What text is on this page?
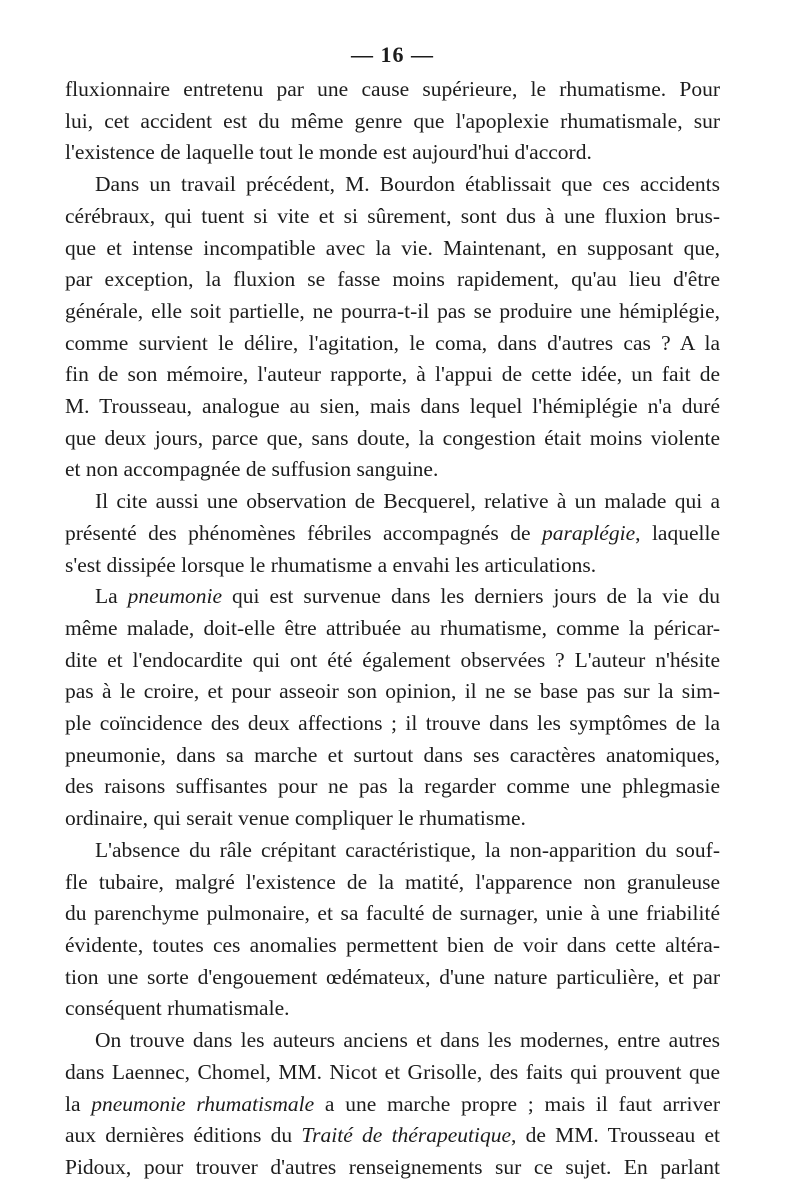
— 16 —

fluxionnaire entretenu par une cause supérieure, le rhumatisme. Pour
lui, cet accident est du même genre que l'apoplexie rhumatismale, sur
l'existence de laquelle tout le monde est aujourd'hui d'accord.

Dans un travail précédent, M. Bourdon établissait que ces accidents
cérébraux, qui tuent si vite et si sûrement, sont dus à une fluxion brus-
que et intense incompatible avec la vie. Maintenant, en supposant que,
par exception, la fluxion se fasse moins rapidement, qu'au lieu d'être
générale, elle soit partielle, ne pourra-t-il pas se produire une hémiplégie,
comme survient le délire, l'agitation, le coma, dans d'autres cas ? A la
fin de son mémoire, l'auteur rapporte, à l'appui de cette idée, un fait de
M. Trousseau, analogue au sien, mais dans lequel l'hémiplégie n'a duré
que deux jours, parce que, sans doute, la congestion était moins violente
et non accompagnée de suffusion sanguine.

Il cite aussi une observation de Becquerel, relative à un malade qui a
présenté des phénomènes fébriles accompagnés de paraplégie, laquelle
s'est dissipée lorsque le rhumatisme a envahi les articulations.

La pneumonie qui est survenue dans les derniers jours de la vie du
même malade, doit-elle être attribuée au rhumatisme, comme la péricar-
dite et l'endocardite qui ont été également observées ? L'auteur n'hésite
pas à le croire, et pour asseoir son opinion, il ne se base pas sur la sim-
ple coïncidence des deux affections ; il trouve dans les symptômes de la
pneumonie, dans sa marche et surtout dans ses caractères anatomiques,
des raisons suffisantes pour ne pas la regarder comme une phlegmasie
ordinaire, qui serait venue compliquer le rhumatisme.

L'absence du râle crépitant caractéristique, la non-apparition du souf-
fle tubaire, malgré l'existence de la matité, l'apparence non granuleuse
du parenchyme pulmonaire, et sa faculté de surnager, unie à une friabilité
évidente, toutes ces anomalies permettent bien de voir dans cette altéra-
tion une sorte d'engouement œdémateux, d'une nature particulière, et par
conséquent rhumatismale.

On trouve dans les auteurs anciens et dans les modernes, entre autres
dans Laennec, Chomel, MM. Nicot et Grisolle, des faits qui prouvent que
la pneumonie rhumatismale a une marche propre ; mais il faut arriver
aux dernières éditions du Traité de thérapeutique, de MM. Trousseau et
Pidoux, pour trouver d'autres renseignements sur ce sujet. En parlant
